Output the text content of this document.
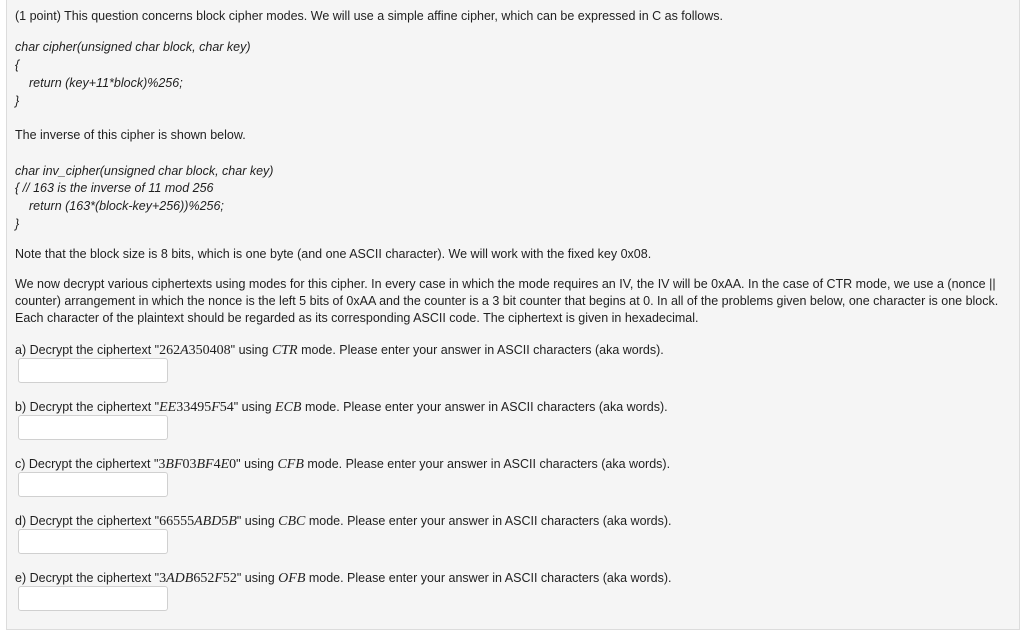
(1 point) This question concerns block cipher modes. We will use a simple affine cipher, which can be expressed in C as follows.
char cipher(unsigned char block, char key)
{
return (key+11*block)%256;
}
The inverse of this cipher is shown below.
char inv_cipher(unsigned char block, char key)
{ // 163 is the inverse of 11 mod 256
return (163*(block-key+256))%256;
}
Note that the block size is 8 bits, which is one byte (and one ASCII character). We will work with the fixed key 0x08.
We now decrypt various ciphertexts using modes for this cipher. In every case in which the mode requires an IV, the IV will be 0xAA. In the case of CTR mode, we use a (nonce || counter) arrangement in which the nonce is the left 5 bits of 0xAA and the counter is a 3 bit counter that begins at 0. In all of the problems given below, one character is one block. Each character of the plaintext should be regarded as its corresponding ASCII code. The ciphertext is given in hexadecimal.
a) Decrypt the ciphertext "262A350408" using CTR mode. Please enter your answer in ASCII characters (aka words).
b) Decrypt the ciphertext "EE33495F54" using ECB mode. Please enter your answer in ASCII characters (aka words).
c) Decrypt the ciphertext "3BF03BF4E0" using CFB mode. Please enter your answer in ASCII characters (aka words).
d) Decrypt the ciphertext "66555ABD5B" using CBC mode. Please enter your answer in ASCII characters (aka words).
e) Decrypt the ciphertext "3ADB652F52" using OFB mode. Please enter your answer in ASCII characters (aka words).
